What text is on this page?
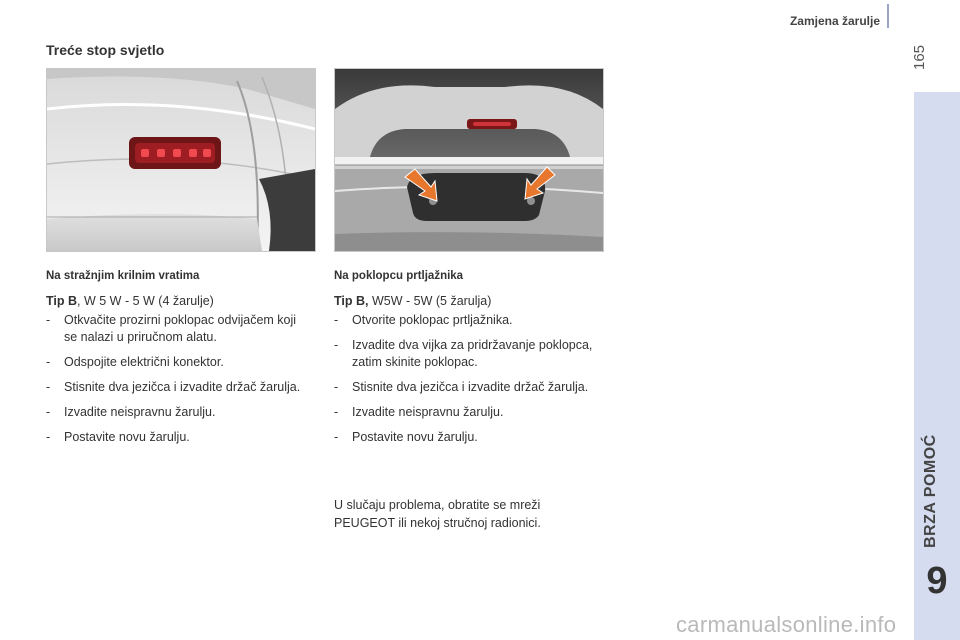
Zamjena žarulje
165
BRZA POMOĆ
9
Treće stop svjetlo
Na stražnjim krilnim vratima
Tip B, W 5 W - 5 W (4 žarulje)
- Otkvačite prozirni poklopac odvijačem koji se nalazi u priručnom alatu.
- Odspojite električni konektor.
- Stisnite dva jezičca i izvadite držač žarulja.
- Izvadite neispravnu žarulju.
- Postavite novu žarulju.
Na poklopcu prtljažnika
Tip B, W5W - 5W (5 žarulja)
- Otvorite poklopac prtljažnika.
- Izvadite dva vijka za pridržavanje poklopca, zatim skinite poklopac.
- Stisnite dva jezičca i izvadite držač žarulja.
- Izvadite neispravnu žarulju.
- Postavite novu žarulju.
U slučaju problema, obratite se mreži PEUGEOT ili nekoj stručnoj radionici.
carmanualsonline.info
